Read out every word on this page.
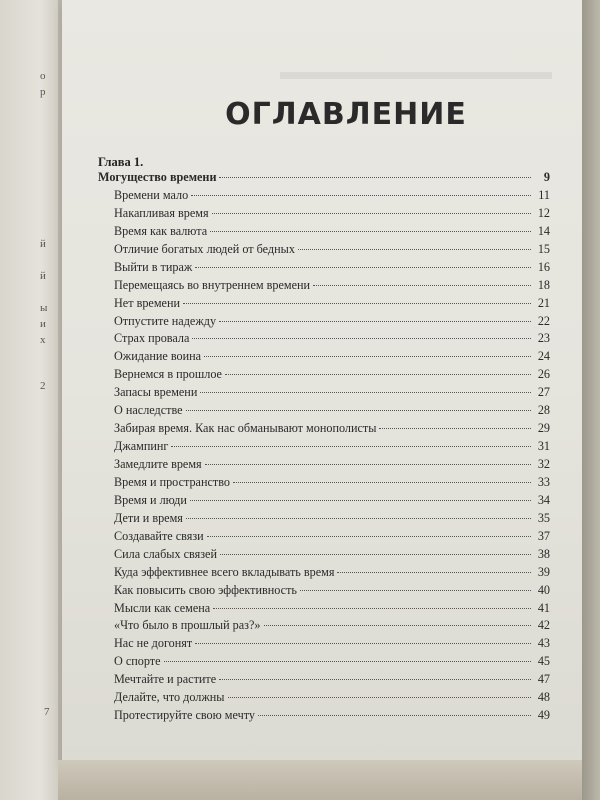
о
р
й
й
ы
и
х
2
7
ОГЛАВЛЕНИЕ
Глава 1.
Могущество времени	9
Времени мало	11
Накапливая время	12
Время как валюта	14
Отличие богатых людей от бедных	15
Выйти в тираж	16
Перемещаясь во внутреннем времени	18
Нет времени	21
Отпустите надежду	22
Страх провала	23
Ожидание воина	24
Вернемся в прошлое	26
Запасы времени	27
О наследстве	28
Забирая время. Как нас обманывают монополисты	29
Джампинг	31
Замедлите время	32
Время и пространство	33
Время и люди	34
Дети и время	35
Создавайте связи	37
Сила слабых связей	38
Куда эффективнее всего вкладывать время	39
Как повысить свою эффективность	40
Мысли как семена	41
«Что было в прошлый раз?»	42
Нас не догонят	43
О спорте	45
Мечтайте и растите	47
Делайте, что должны	48
Протестируйте свою мечту	49
